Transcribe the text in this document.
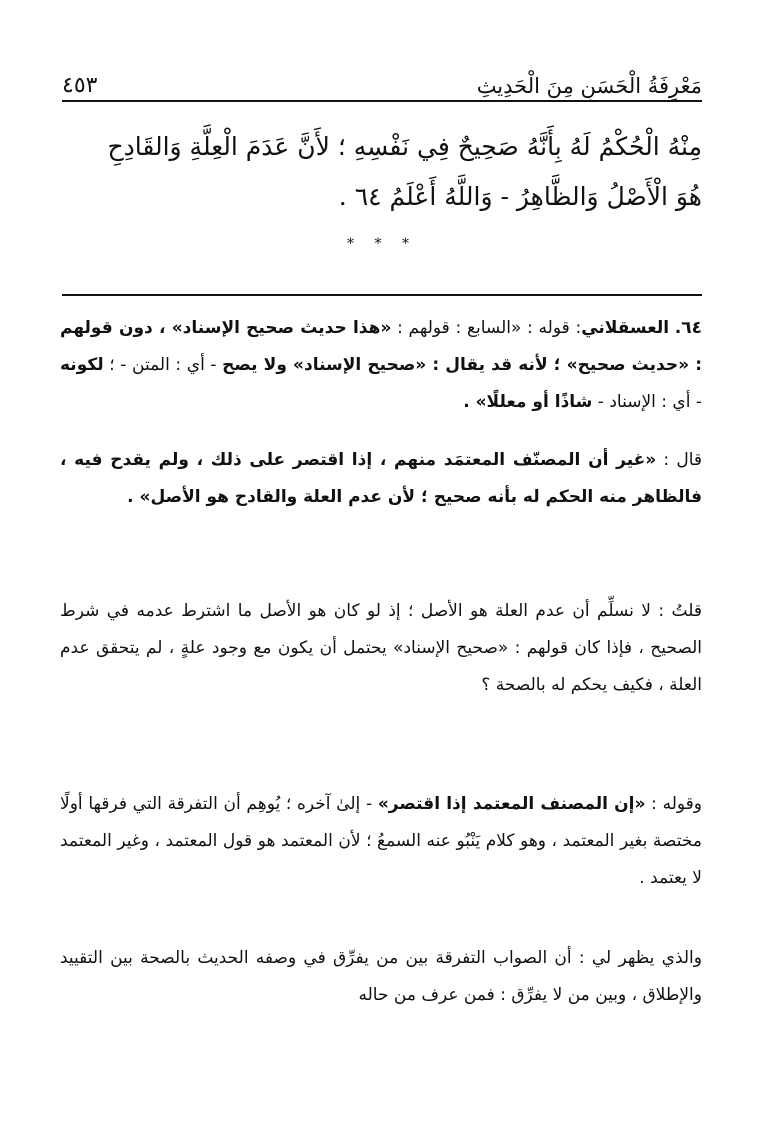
مَعْرِفَةُ الْحَسَنِ مِنَ الْحَدِيثِ
٤٥٣
مِنْهُ الْحُكْمُ لَهُ بِأَنَّهُ صَحِيحٌ فِي نَفْسِهِ ؛ لأَنَّ عَدَمَ الْعِلَّةِ وَالقَادِحِ
هُوَ الْأَصْلُ وَالظَّاهِرُ - وَاللَّهُ أَعْلَمُ ٦٤ .
* * *
٦٤. العسقلاني: قوله : «السابع : قولهم : «هذا حديث صحيح الإسناد» ، دون قولهم : «حديث صحيح» ؛ لأنه قد يقال : «صحيح الإسناد» ولا يصح - أي : المتن - ؛ لكونه - أي : الإسناد - شاذًا أو معللًا» .
قال : «غير أن المصنّف المعتمَد منهم ، إذا اقتصر على ذلك ، ولم يقدح فيه ، فالظاهر منه الحكم له بأنه صحيح ؛ لأن عدم العلة والقادح هو الأصل» .
قلتُ : لا نسلِّم أن عدم العلة هو الأصل ؛ إذ لو كان هو الأصل ما اشترط عدمه في شرط الصحيح ، فإذا كان قولهم : «صحيح الإسناد» يحتمل أن يكون مع وجود علةٍ ، لم يتحقق عدم العلة ، فكيف يحكم له بالصحة ؟
وقوله : «إن المصنف المعتمد إذا اقتصر» - إلىٰ آخره ؛ يُوهِم أن التفرقة التي فرقها أولًا مختصة بغير المعتمد ، وهو كلام يَنْبُو عنه السمعُ ؛ لأن المعتمد هو قول المعتمد ، وغير المعتمد لا يعتمد .
والذي يظهر لي : أن الصواب التفرقة بين من يفرِّق في وصفه الحديث بالصحة بين التقييد والإطلاق ، وبين من لا يفرِّق : فمن عرف من حاله
